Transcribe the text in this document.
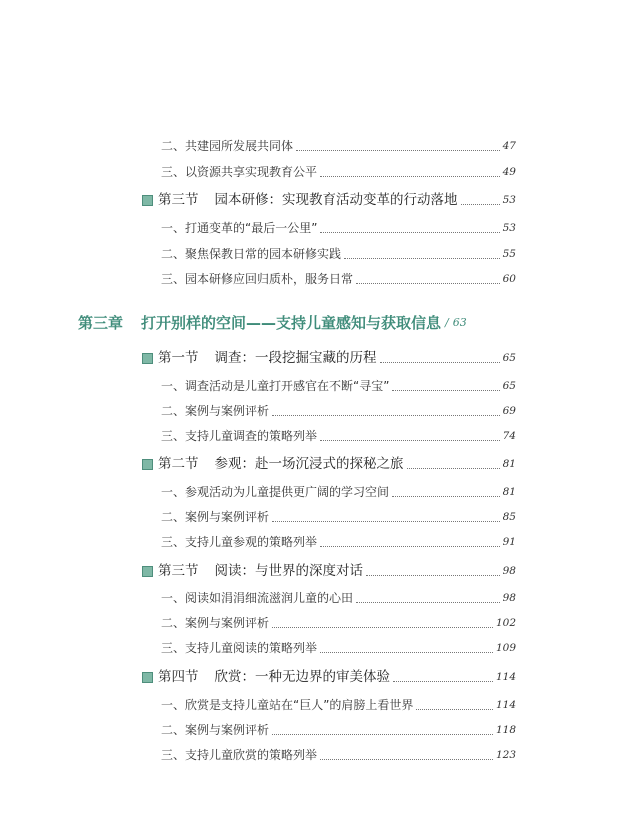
二、共建园所发展共同体	47
三、以资源共享实现教育公平	49
第三节 园本研修：实现教育活动变革的行动落地	53
一、打通变革的“最后一公里”	53
二、聚焦保教日常的园本研修实践	55
三、园本研修应回归质朴，服务日常	60
第三章 打开别样的空间——支持儿童感知与获取信息 / 63
第一节 调查：一段挖掘宝藏的历程	65
一、调查活动是儿童打开感官在不断“寻宝”	65
二、案例与案例评析	69
三、支持儿童调查的策略列举	74
第二节 参观：赴一场沉浸式的探秘之旅	81
一、参观活动为儿童提供更广阔的学习空间	81
二、案例与案例评析	85
三、支持儿童参观的策略列举	91
第三节 阅读：与世界的深度对话	98
一、阅读如涓涓细流滋润儿童的心田	98
二、案例与案例评析	102
三、支持儿童阅读的策略列举	109
第四节 欣赏：一种无边界的审美体验	114
一、欣赏是支持儿童站在“巨人”的肩膀上看世界	114
二、案例与案例评析	118
三、支持儿童欣赏的策略列举	123
